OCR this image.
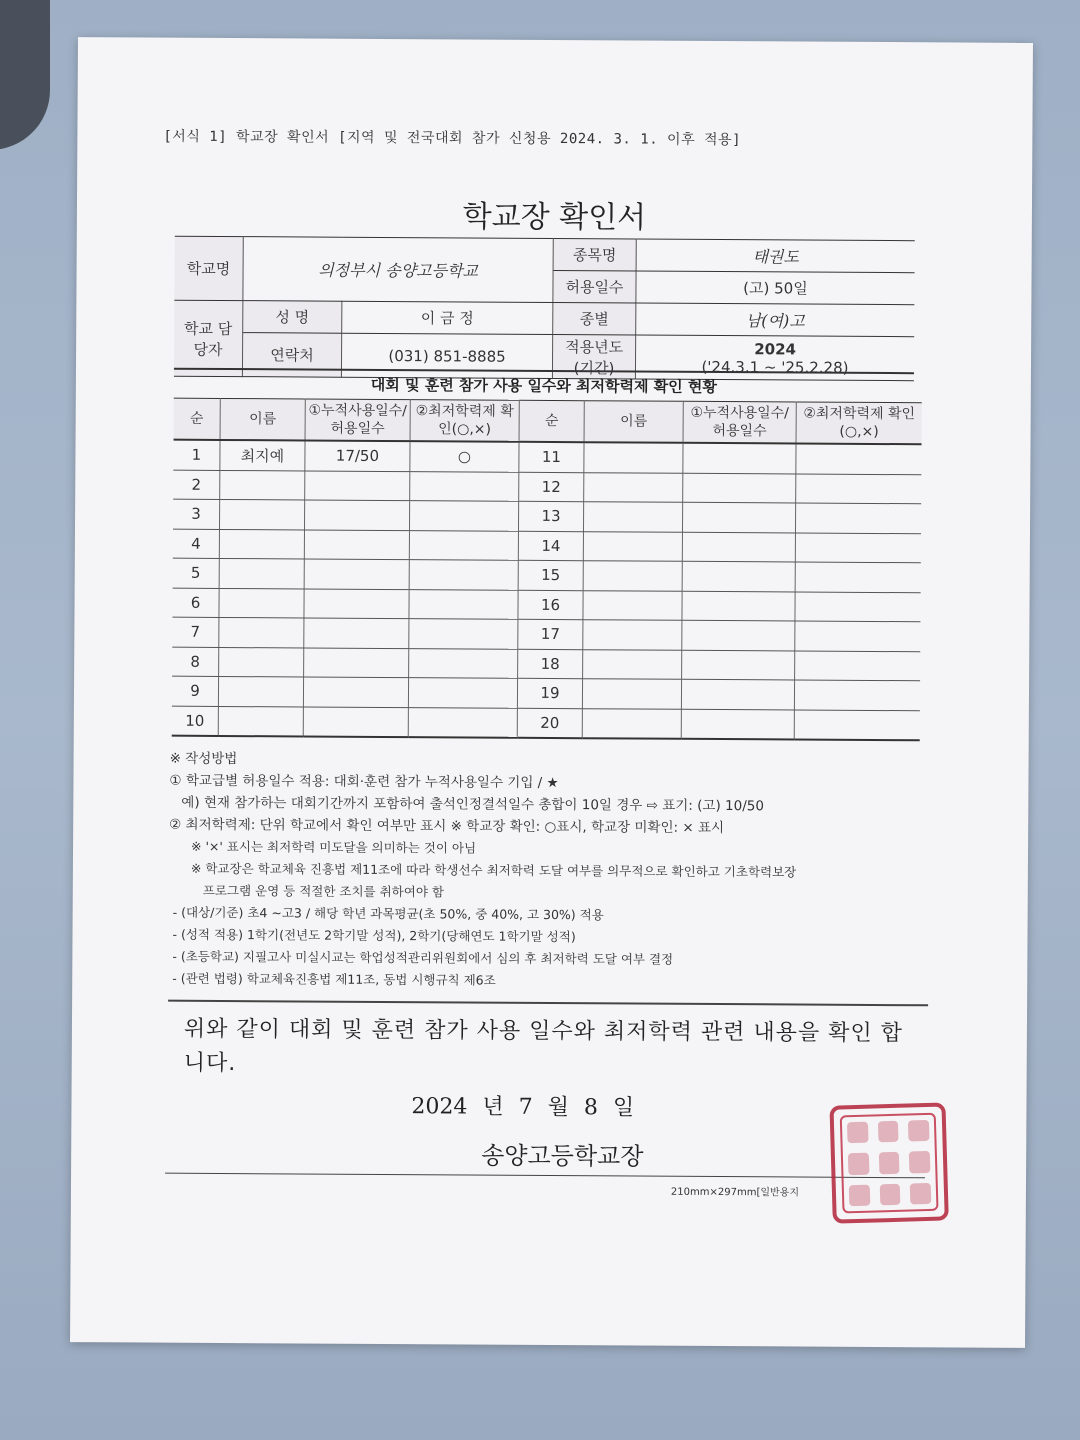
[서식 1] 학교장 확인서 [지역 및 전국대회 참가 신청용 2024. 3. 1. 이후 적용]
학교장 확인서
학교명	의정부시 송양고등학교		종목명	태권도
			허용일수	(고) 50일
학교 담당자	성 명	이 금 정	종별	남(여)고
	연락처	(031) 851-8885	적용년도 (기간)	2024
('24.3.1 ~ '25.2.28)
대회 및 훈련 참가 사용 일수와 최저학력제 확인 현황
순	이름	①누적사용일수/ 허용일수	②최저학력제 확인(○,×)	순	이름	①누적사용일수/ 허용일수	②최저학력제 확인(○,×)
1	최지예	17/50	○	11			
2				12			
3				13			
4				14			
5				15			
6				16			
7				17			
8				18			
9				19			
10				20			
※ 작성방법
① 학교급별 허용일수 적용: 대회·훈련 참가 누적사용일수 기입 / ★
예) 현재 참가하는 대회기간까지 포함하여 출석인정결석일수 총합이 10일 경우 ⇨ 표기: (고) 10/50
② 최저학력제: 단위 학교에서 확인 여부만 표시 ※ 학교장 확인: ○표시, 학교장 미확인: × 표시
※ '×' 표시는 최저학력 미도달을 의미하는 것이 아님
※ 학교장은 학교체육 진흥법 제11조에 따라 학생선수 최저학력 도달 여부를 의무적으로 확인하고 기초학력보장
프로그램 운영 등 적절한 조치를 취하여야 함
- (대상/기준) 초4 ~고3 / 해당 학년 과목평균(초 50%, 중 40%, 고 30%) 적용
- (성적 적용) 1학기(전년도 2학기말 성적), 2학기(당해연도 1학기말 성적)
- (초등학교) 지필고사 미실시교는 학업성적관리위원회에서 심의 후 최저학력 도달 여부 결정
- (관련 법령) 학교체육진흥법 제11조, 동법 시행규칙 제6조
위와 같이 대회 및 훈련 참가 사용 일수와 최저학력 관련 내용을 확인 합니다.
2024 년 7 월 8 일
송양고등학교장
210mm×297mm[일반용지
